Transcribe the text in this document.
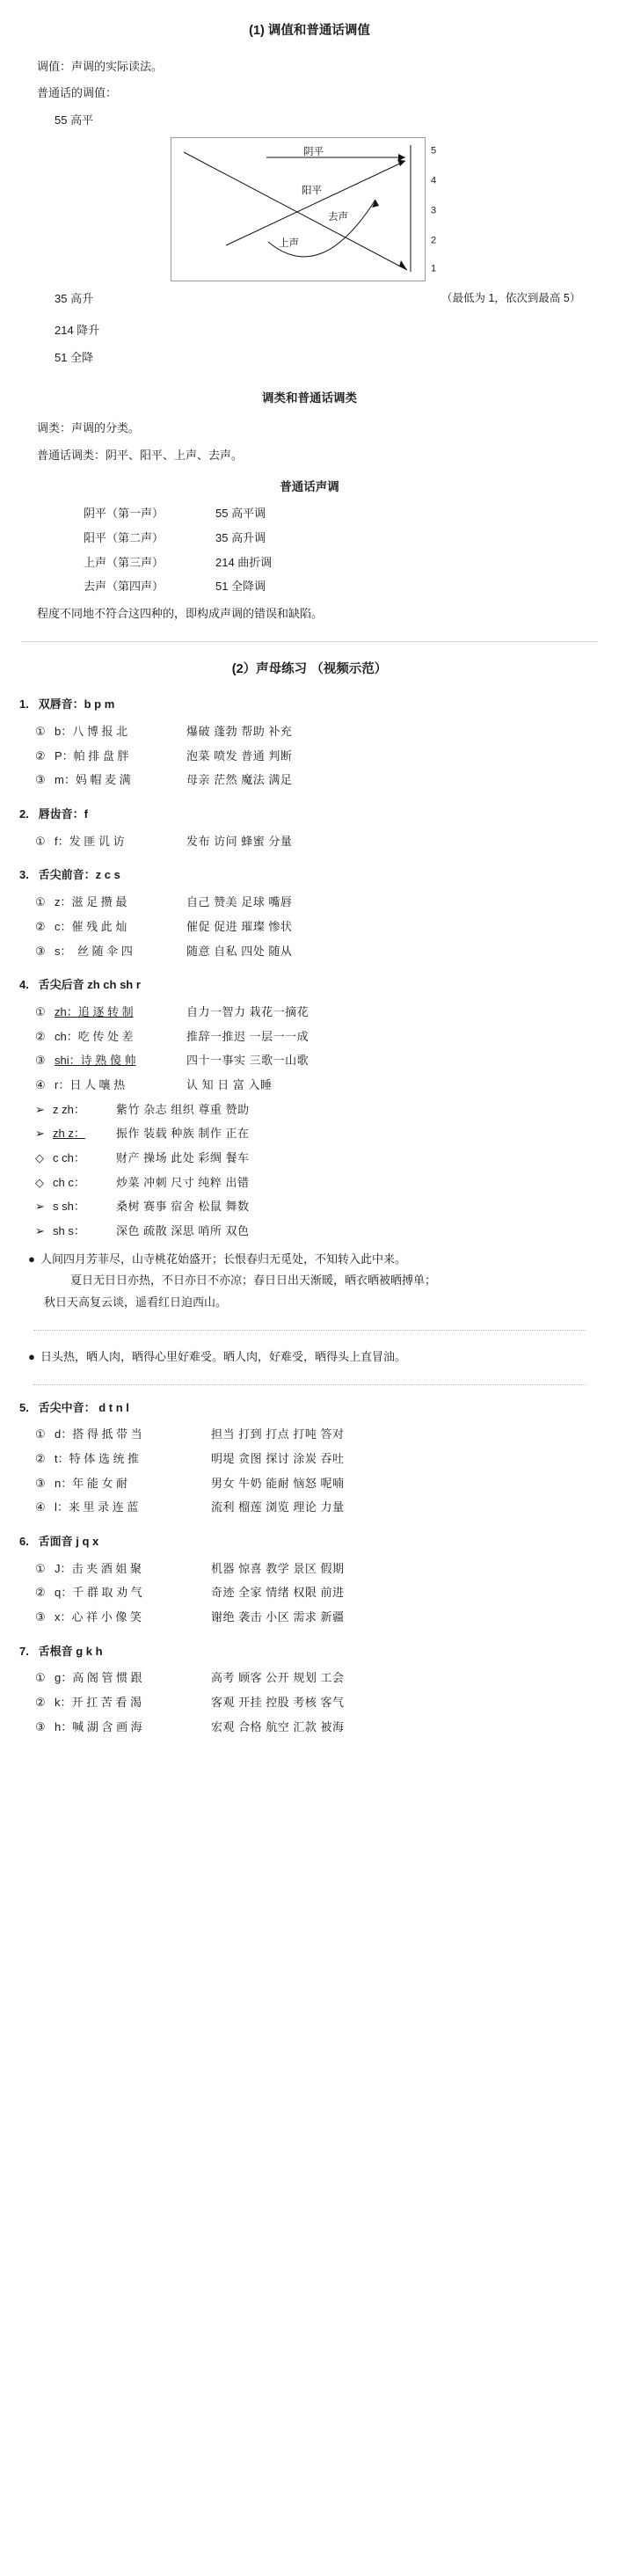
(1) 调值和普通话调值
调值：声调的实际读法。
普通话的调值：
55 高平
阴平
阳平
去声
上声
5
4
3
2
1
35 高升	（最低为 1，依次到最高 5）
214 降升
51 全降
调类和普通话调类
调类：声调的分类。
普通话调类：阴平、阳平、上声、去声。
普通话声调
阴平（第一声）	55 高平调
阳平（第二声）	35 高升调
上声（第三声）	214 曲折调
去声（第四声）	51 全降调
程度不同地不符合这四种的，即构成声调的错误和缺陷。
(2）声母练习 （视频示范）
1. 双唇音：b p m
① b：八 博 报 北	爆破 蓬勃 帮助 补充
② P：帕 排 盘 胖	泡菜 喷发 普通 判断
③ m：妈 帽 麦 满	母亲 茫然 魔法 满足
2. 唇齿音：f
① f：发 匪 讥 访	发布 访问 蜂蜜 分量
3. 舌尖前音：z c s
① z：滋 足 攒 最	自己 赞美 足球 嘴唇
② c：催 残 此 灿	催促 促进 璀璨 惨状
③ s：　丝 随 伞 四	随意 自私 四处 随从
4. 舌尖后音 zh ch sh r
① zh：追 逐 转 制	自力一智力 栽花一摘花
② ch：吃 传 处 差	推辞一推迟 一层一一成
③ shi：诗 熟 傻 帅	四十一事实 三歌一山歌
④ r：日 人 嚷 热	认 知 日 富 入睡
➢ z zh：	紫竹 杂志 组织 尊重 赞助
➢ zh z：	振作 装载 种族 制作 正在
◇ c ch：	财产 操场 此处 彩绸 餐车
◇ ch c：	炒菜 冲刺 尺寸 纯粹 出错
➢ s sh：	桑树 赛事 宿舍 松鼠 舞数
➢ sh s：	深色 疏散 深思 哨所 双色
● 人间四月芳菲尽，山寺桃花始盛开；长恨春归无觅处，不知转入此中来。
夏日无日日亦热，不日亦日不亦凉；春日日出天渐暖，晒衣晒被晒搏单；
秋日天高复云谈，遥看红日迫西山。
● 日头热，晒人肉，晒得心里好难受。晒人肉，好难受，晒得头上直冒油。
5. 舌尖中音： d t n l
① d：搭 得 抵 带 当	担当 打到 打点 打吨 答对
② t：特 体 选 统 推	明堤 贪图 探讨 涂炭 吞吐
③ n：年 能 女 耐	男女 牛奶 能耐 恼怒 呢喃
④ l：来 里 录 连 蓝	流利 榴莲 浏览 理论 力量
6. 舌面音 j q x
① J：击 夹 酒 姐 聚	机器 惊喜 教学 景区 假期
② q：千 群 取 劝 气	奇迹 全家 情绪 权限 前进
③ x：心 祥 小 像 笑	谢绝 袭击 小区 需求 新疆
7. 舌根音 g k h
① g：高 阁 管 惯 跟	高考 顾客 公开 规划 工会
② k：开 扛 苦 看 渴	客观 开挂 控股 考核 客气
③ h：喊 湖 含 画 海	宏观 合格 航空 汇款 被海
